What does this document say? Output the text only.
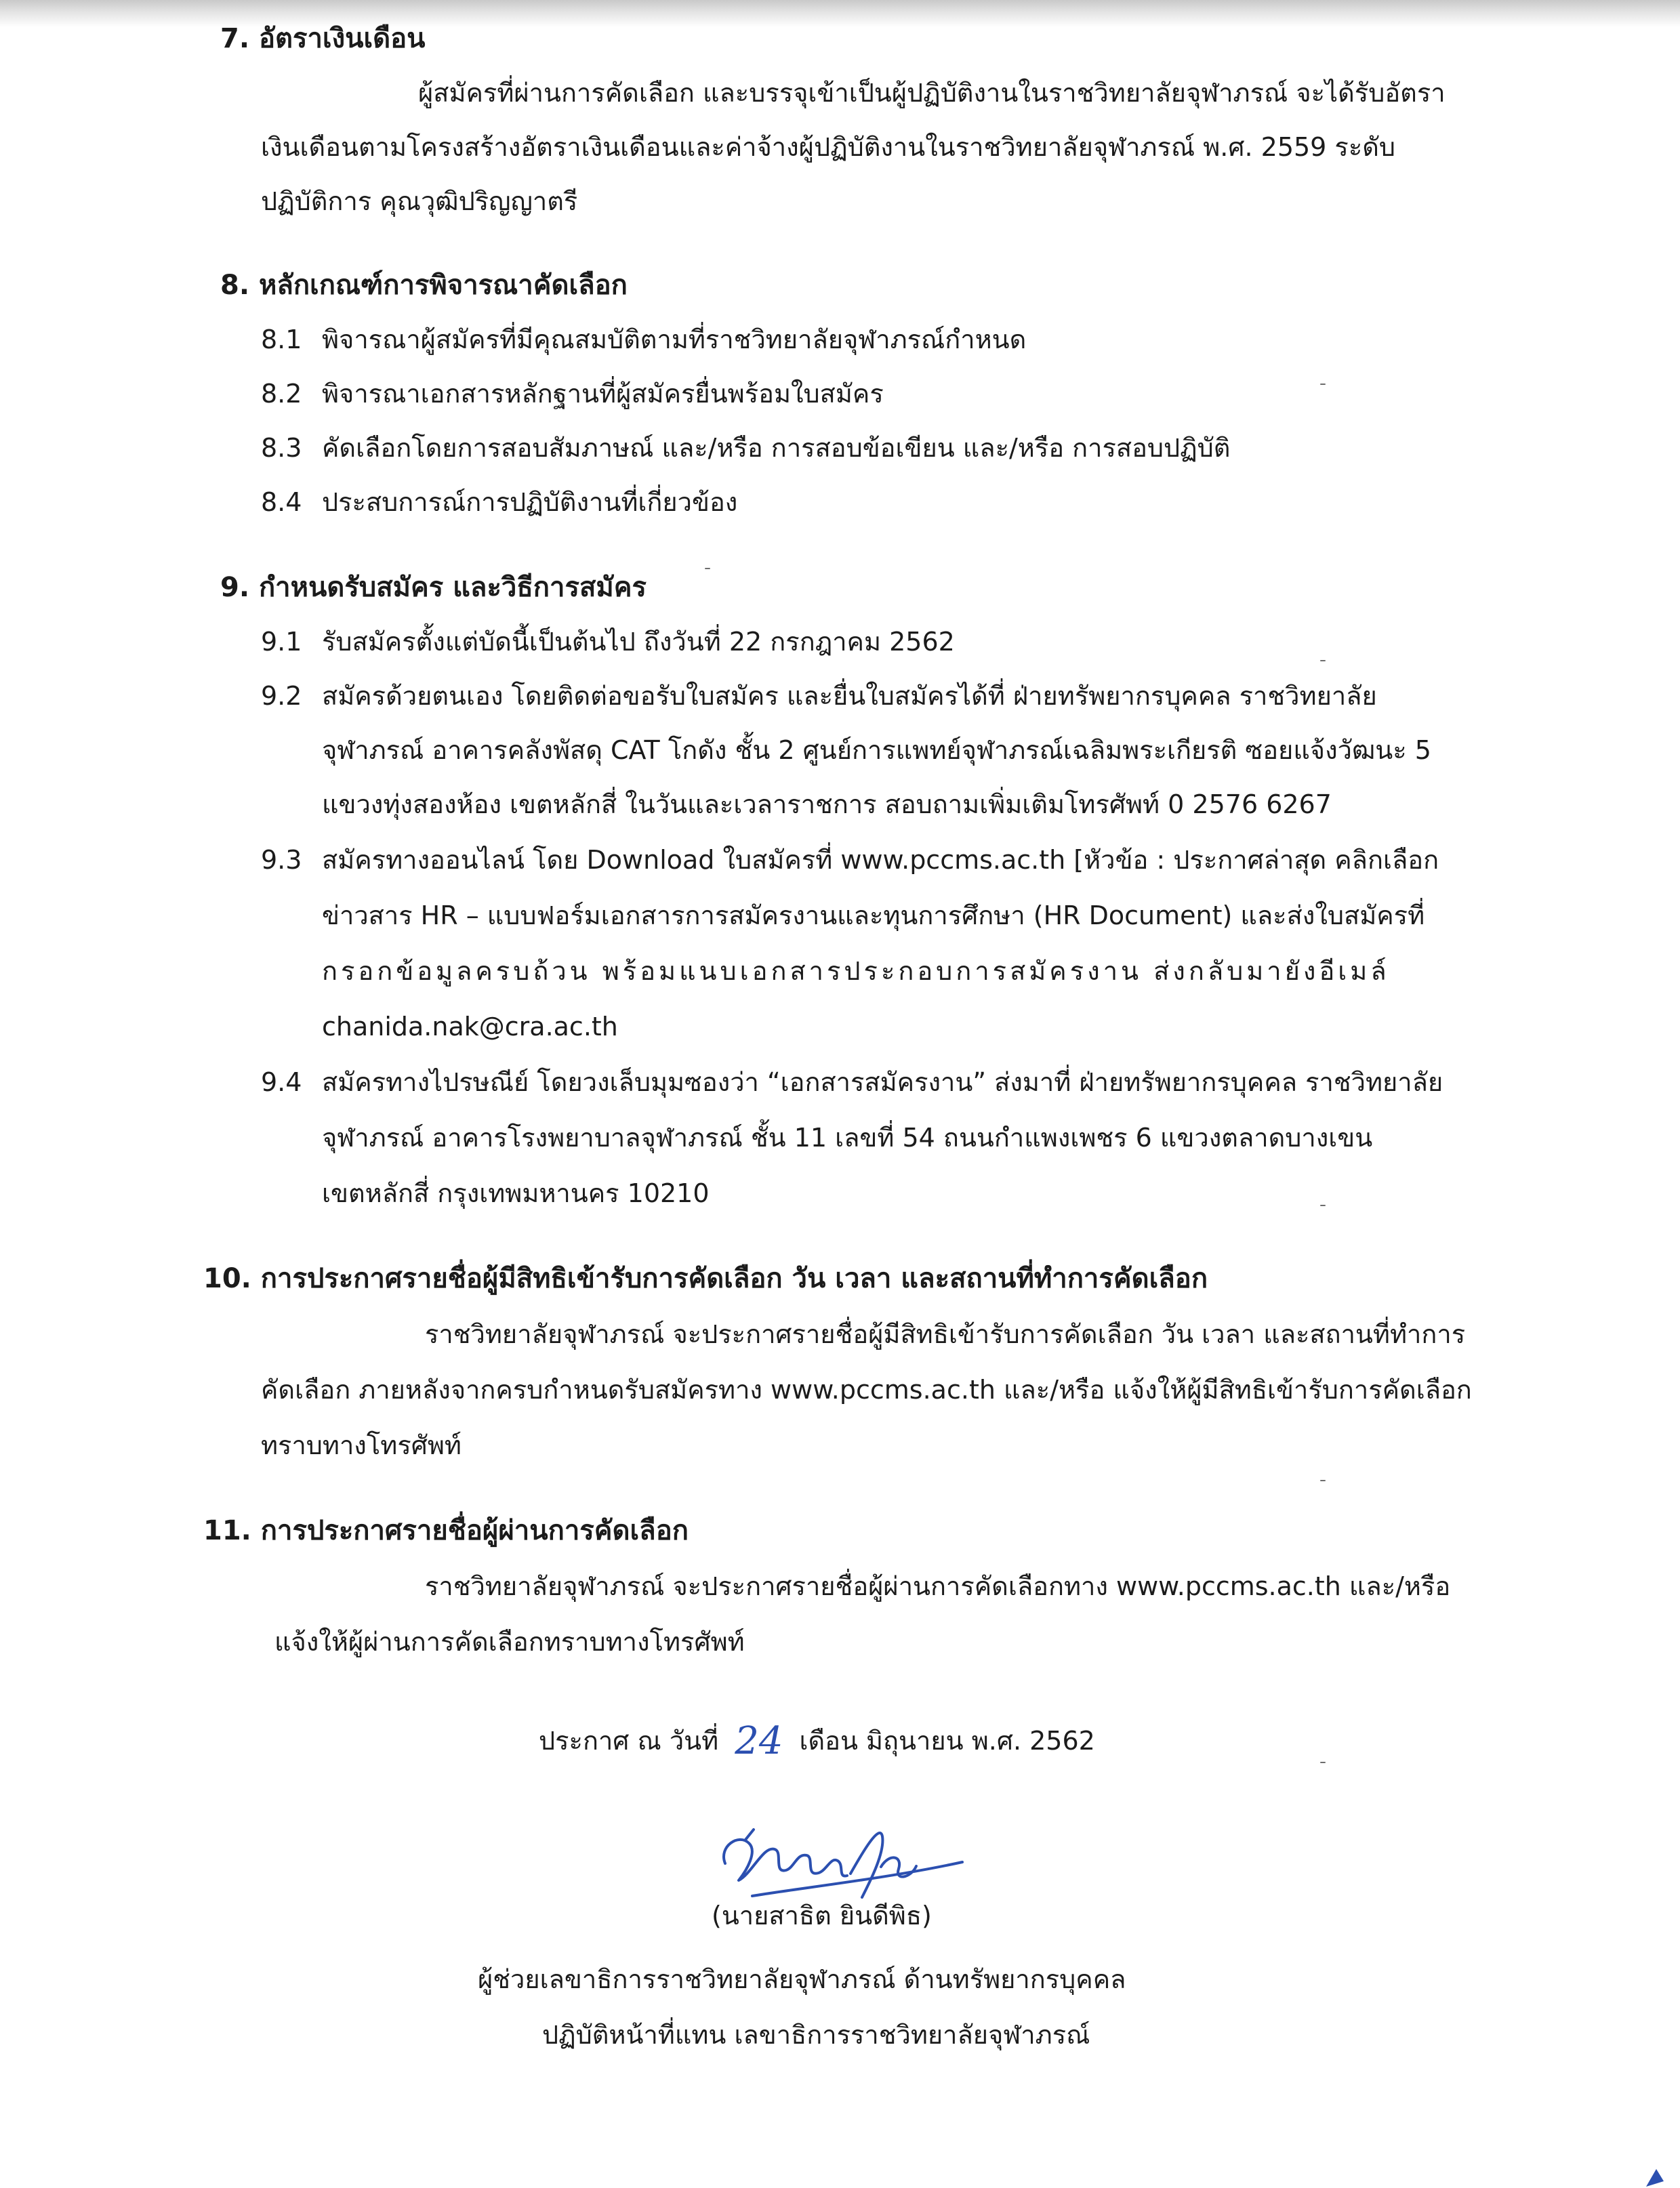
7. อัตราเงินเดือน
ผู้สมัครที่ผ่านการคัดเลือก และบรรจุเข้าเป็นผู้ปฏิบัติงานในราชวิทยาลัยจุฬาภรณ์ จะได้รับอัตรา
เงินเดือนตามโครงสร้างอัตราเงินเดือนและค่าจ้างผู้ปฏิบัติงานในราชวิทยาลัยจุฬาภรณ์ พ.ศ. 2559 ระดับ
ปฏิบัติการ คุณวุฒิปริญญาตรี
8. หลักเกณฑ์การพิจารณาคัดเลือก
8.1 พิจารณาผู้สมัครที่มีคุณสมบัติตามที่ราชวิทยาลัยจุฬาภรณ์กำหนด
8.2 พิจารณาเอกสารหลักฐานที่ผู้สมัครยื่นพร้อมใบสมัคร
8.3 คัดเลือกโดยการสอบสัมภาษณ์ และ/หรือ การสอบข้อเขียน และ/หรือ การสอบปฏิบัติ
8.4 ประสบการณ์การปฏิบัติงานที่เกี่ยวข้อง
9. กำหนดรับสมัคร และวิธีการสมัคร
9.1 รับสมัครตั้งแต่บัดนี้เป็นต้นไป ถึงวันที่ 22 กรกฎาคม 2562
9.2 สมัครด้วยตนเอง โดยติดต่อขอรับใบสมัคร และยื่นใบสมัครได้ที่ ฝ่ายทรัพยากรบุคคล ราชวิทยาลัย
จุฬาภรณ์ อาคารคลังพัสดุ CAT โกดัง ชั้น 2 ศูนย์การแพทย์จุฬาภรณ์เฉลิมพระเกียรติ ซอยแจ้งวัฒนะ 5
แขวงทุ่งสองห้อง เขตหลักสี่ ในวันและเวลาราชการ สอบถามเพิ่มเติมโทรศัพท์ 0 2576 6267
9.3 สมัครทางออนไลน์ โดย Download ใบสมัครที่ www.pccms.ac.th [หัวข้อ : ประกาศล่าสุด คลิกเลือก
ข่าวสาร HR – แบบฟอร์มเอกสารการสมัครงานและทุนการศึกษา (HR Document) และส่งใบสมัครที่
กรอกข้อมูลครบถ้วน พร้อมแนบเอกสารประกอบการสมัครงาน ส่งกลับมายังอีเมล์
chanida.nak@cra.ac.th
9.4 สมัครทางไปรษณีย์ โดยวงเล็บมุมซองว่า “เอกสารสมัครงาน” ส่งมาที่ ฝ่ายทรัพยากรบุคคล ราชวิทยาลัย
จุฬาภรณ์ อาคารโรงพยาบาลจุฬาภรณ์ ชั้น 11 เลขที่ 54 ถนนกำแพงเพชร 6 แขวงตลาดบางเขน
เขตหลักสี่ กรุงเทพมหานคร 10210
10. การประกาศรายชื่อผู้มีสิทธิเข้ารับการคัดเลือก วัน เวลา และสถานที่ทำการคัดเลือก
ราชวิทยาลัยจุฬาภรณ์ จะประกาศรายชื่อผู้มีสิทธิเข้ารับการคัดเลือก วัน เวลา และสถานที่ทำการ
คัดเลือก ภายหลังจากครบกำหนดรับสมัครทาง www.pccms.ac.th และ/หรือ แจ้งให้ผู้มีสิทธิเข้ารับการคัดเลือก
ทราบทางโทรศัพท์
11. การประกาศรายชื่อผู้ผ่านการคัดเลือก
ราชวิทยาลัยจุฬาภรณ์ จะประกาศรายชื่อผู้ผ่านการคัดเลือกทาง www.pccms.ac.th และ/หรือ
แจ้งให้ผู้ผ่านการคัดเลือกทราบทางโทรศัพท์
ประกาศ ณ วันที่ 24 เดือน มิถุนายน พ.ศ. 2562
(นายสาธิต ยินดีพิธ)
ผู้ช่วยเลขาธิการราชวิทยาลัยจุฬาภรณ์ ด้านทรัพยากรบุคคล
ปฏิบัติหน้าที่แทน เลขาธิการราชวิทยาลัยจุฬาภรณ์
